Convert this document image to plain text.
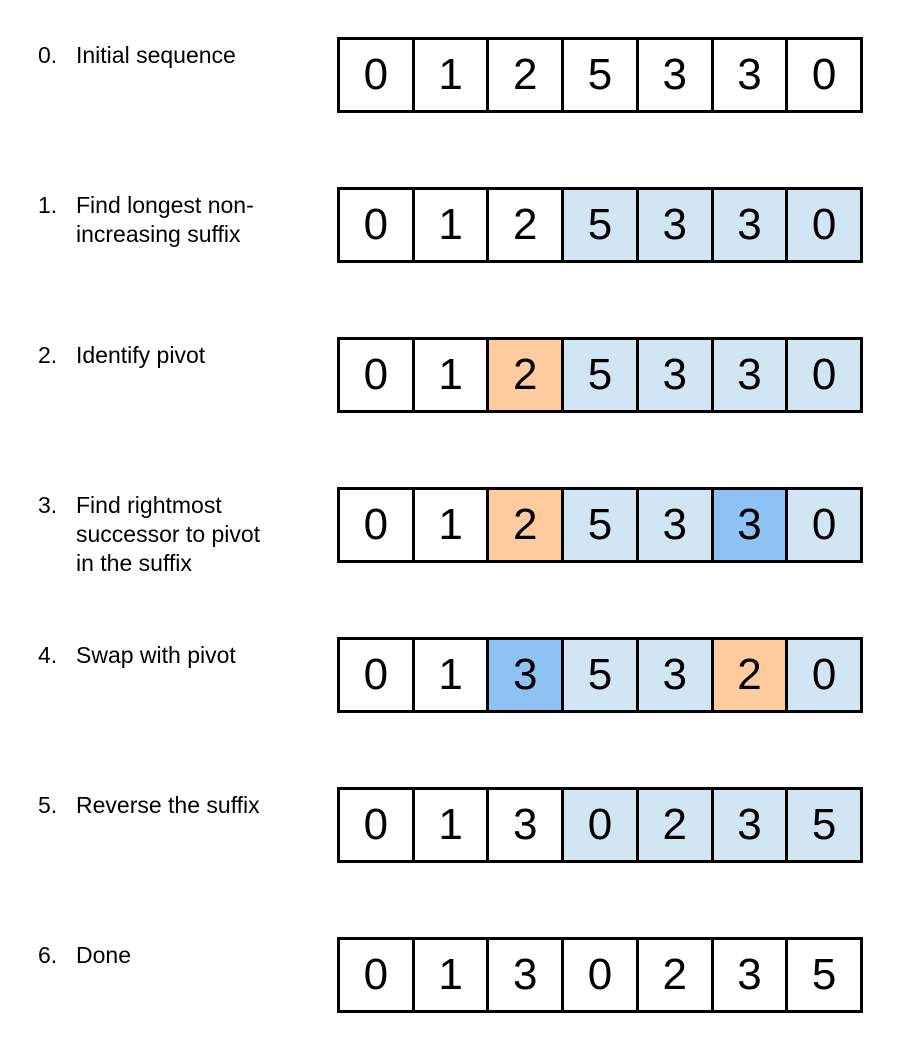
0. Initial sequence	0	1	2	5	3	3	0
1. Find longest non-
increasing suffix	0	1	2	5	3	3	0
2. Identify pivot	0	1	2	5	3	3	0
3. Find rightmost
successor to pivot
in the suffix
0	1	2	5	3	3	0
4. Swap with pivot	0	1	3	5	3	2	0
5. Reverse the suffix	0	1	3	0	2	3	5
6. Done	0	1	3	0	2	3	5
